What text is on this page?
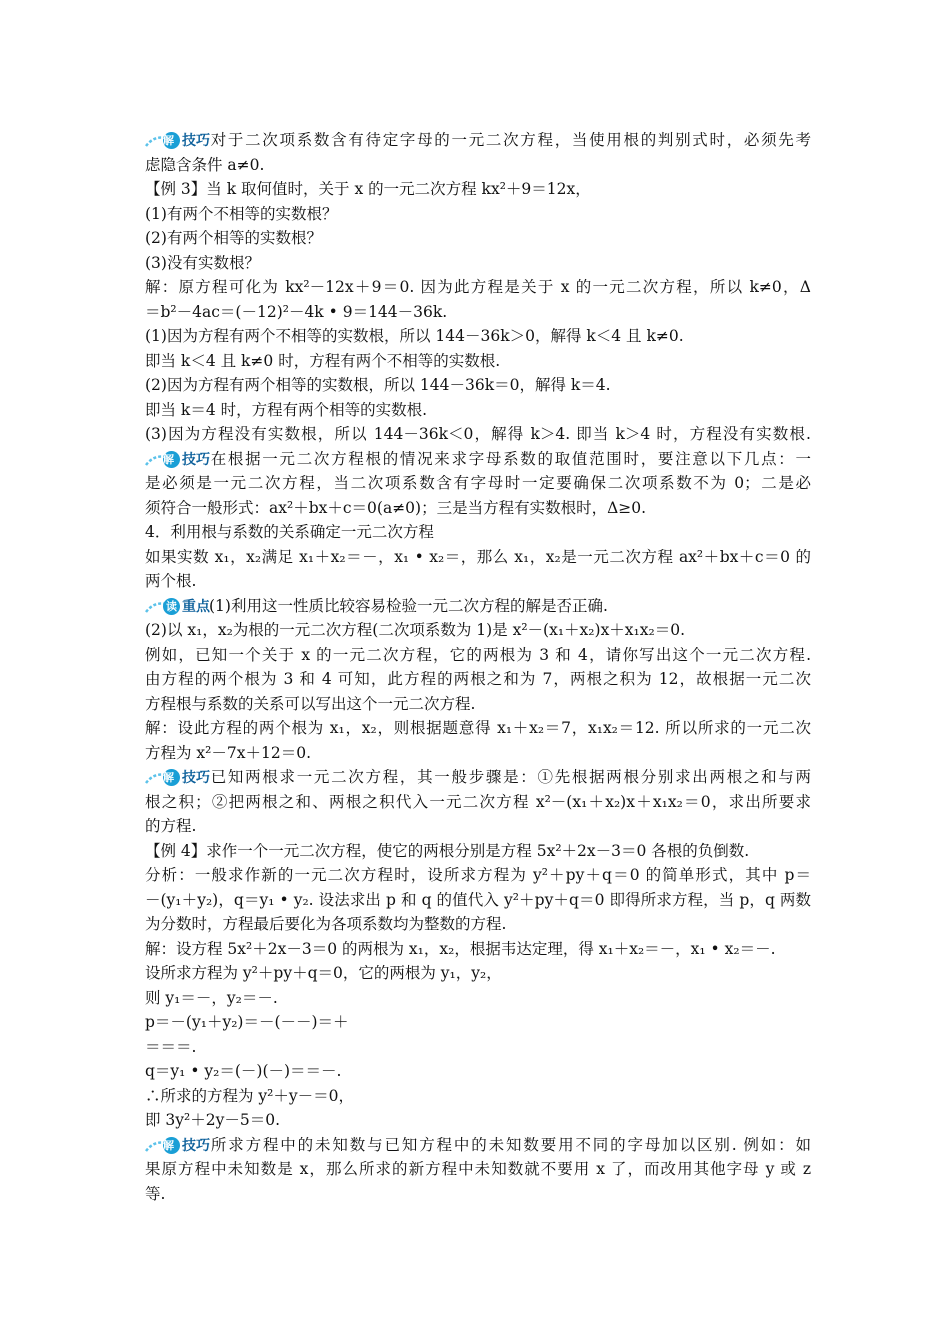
解 技巧 对于二次项系数含有待定字母的一元二次方程，当使用根的判别式时，必须先考
虑隐含条件 a≠0.
【例 3】当 k 取何值时，关于 x 的一元二次方程 kx²＋9＝12x，
(1)有两个不相等的实数根？
(2)有两个相等的实数根？
(3)没有实数根？
解：原方程可化为 kx²－12x＋9＝0. 因为此方程是关于 x 的一元二次方程，所以 k≠0，Δ
＝b²－4ac＝(－12)²－4k • 9＝144－36k.
(1)因为方程有两个不相等的实数根，所以 144－36k＞0，解得 k＜4 且 k≠0.
即当 k＜4 且 k≠0 时，方程有两个不相等的实数根.
(2)因为方程有两个相等的实数根，所以 144－36k＝0，解得 k＝4.
即当 k＝4 时，方程有两个相等的实数根.
(3)因为方程没有实数根，所以 144－36k＜0，解得 k＞4. 即当 k＞4 时，方程没有实数根.
解 技巧 在根据一元二次方程根的情况来求字母系数的取值范围时，要注意以下几点：一
是必须是一元二次方程，当二次项系数含有字母时一定要确保二次项系数不为 0；二是必
须符合一般形式：ax²＋bx＋c＝0(a≠0)；三是当方程有实数根时，Δ≥0.
4．利用根与系数的关系确定一元二次方程
如果实数 x₁，x₂满足 x₁＋x₂＝－，x₁ • x₂＝，那么 x₁，x₂是一元二次方程 ax²＋bx＋c＝0 的
两个根.
读 重点 (1)利用这一性质比较容易检验一元二次方程的解是否正确.
(2)以 x₁，x₂为根的一元二次方程(二次项系数为 1)是 x²－(x₁＋x₂)x＋x₁x₂＝0.
例如，已知一个关于 x 的一元二次方程，它的两根为 3 和 4，请你写出这个一元二次方程.
由方程的两个根为 3 和 4 可知，此方程的两根之和为 7，两根之积为 12，故根据一元二次
方程根与系数的关系可以写出这个一元二次方程.
解：设此方程的两个根为 x₁，x₂，则根据题意得 x₁＋x₂＝7，x₁x₂＝12. 所以所求的一元二次
方程为 x²－7x＋12＝0.
解 技巧 已知两根求一元二次方程，其一般步骤是：①先根据两根分别求出两根之和与两
根之积；②把两根之和、两根之积代入一元二次方程 x²－(x₁＋x₂)x＋x₁x₂＝0，求出所要求
的方程.
【例 4】求作一个一元二次方程，使它的两根分别是方程 5x²＋2x－3＝0 各根的负倒数.
分析：一般求作新的一元二次方程时，设所求方程为 y²＋py＋q＝0 的简单形式，其中 p＝
－(y₁＋y₂)，q＝y₁ • y₂. 设法求出 p 和 q 的值代入 y²＋py＋q＝0 即得所求方程，当 p，q 两数
为分数时，方程最后要化为各项系数均为整数的方程.
解：设方程 5x²＋2x－3＝0 的两根为 x₁，x₂，根据韦达定理，得 x₁＋x₂＝－，x₁ • x₂＝－.
设所求方程为 y²＋py＋q＝0，它的两根为 y₁，y₂，
则 y₁＝－，y₂＝－.
p＝－(y₁＋y₂)＝－(－－)＝＋
＝＝＝.
q＝y₁ • y₂＝(－)(－)＝＝－.
∴所求的方程为 y²＋y－＝0，
即 3y²＋2y－5＝0.
解 技巧 所求方程中的未知数与已知方程中的未知数要用不同的字母加以区别. 例如：如
果原方程中未知数是 x，那么所求的新方程中未知数就不要用 x 了，而改用其他字母 y 或 z
等.
